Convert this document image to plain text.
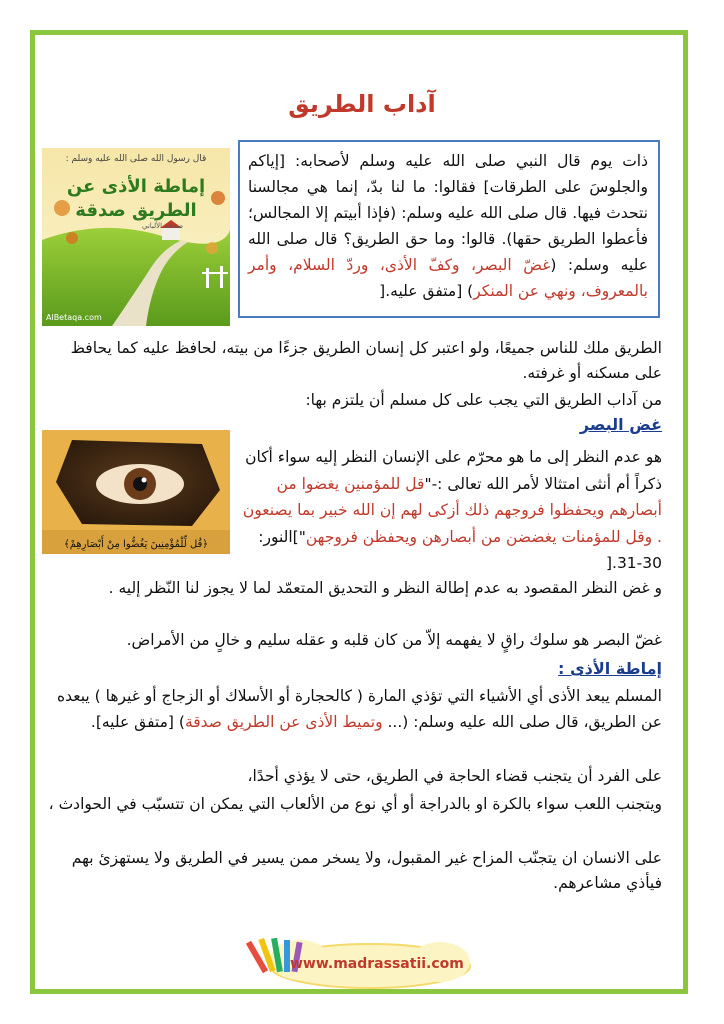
آداب الطريق
ذات يوم قال النبي صلى الله عليه وسلم لأصحابه: [إياكم والجلوسَ على الطرقات] فقالوا: ما لنا بدّ، إنما هي مجالسنا نتحدث فيها. قال صلى الله عليه وسلم: (فإذا أبيتم إلا المجالس؛ فأعطوا الطريق حقها). قالوا: وما حق الطريق؟ قال صلى الله عليه وسلم: (غضّ البصر، وكفّ الأذى، وردّ السلام، وأمر بالمعروف، ونهي عن المنكر) [متفق عليه.[
قال رسول الله صلى الله عليه وسلم :
إماطة الأذى عن
الطريق صدقة
صححه الألباني
AlBetaqa.com
الطريق ملك للناس جميعًا، ولو اعتبر كل إنسان الطريق جزءًا من بيته، لحافظ عليه كما يحافظ على مسكنه أو غرفته.
من آداب الطريق التي يجب على كل مسلم أن يلتزم بها:
غض البصر
﴿قُل لِّلْمُؤْمِنِينَ يَغُضُّوا مِنْ أَبْصَارِهِمْ﴾
هو عدم النظر إلى ما هو محرّم على الإنسان النظر إليه سواء أكان ذكراً أم أنثى امتثالا لأمر الله تعالى :-"قل للمؤمنين يغضوا من أبصارهم ويحفظوا فروجهم ذلك أزكى لهم إن الله خبير بما يصنعون . وقل للمؤمنات يغضضن من أبصارهن ويحفظن فروجهن"]النور: 30-31.[
و غض النظر المقصود به عدم إطالة النظر و التحديق المتعمّد لما لا يجوز لنا النّظر إليه .
غضّ البصر هو سلوك راقٍ لا يفهمه إلاّ من كان قلبه و عقله سليم و خالٍ من الأمراض.
إماطة الأذى :
المسلم يبعد الأذى أي الأشياء التي تؤذي المارة ( كالحجارة أو الأسلاك أو الزجاج أو غيرها ) يبعده عن الطريق، قال صلى الله عليه وسلم: (... وتميط الأذى عن الطريق صدقة) [متفق عليه].
على الفرد أن يتجنب قضاء الحاجة في الطريق، حتى لا يؤذي أحدًا،
ويتجنب اللعب سواء بالكرة او بالدراجة أو أي نوع من الألعاب التي يمكن ان تتسبّب في الحوادث ،
على الانسان ان يتجنّب المزاح غير المقبول، ولا يسخر ممن يسير في الطريق ولا يستهزئ بهم فيأذي مشاعرهم.
www.madrassatii.com
